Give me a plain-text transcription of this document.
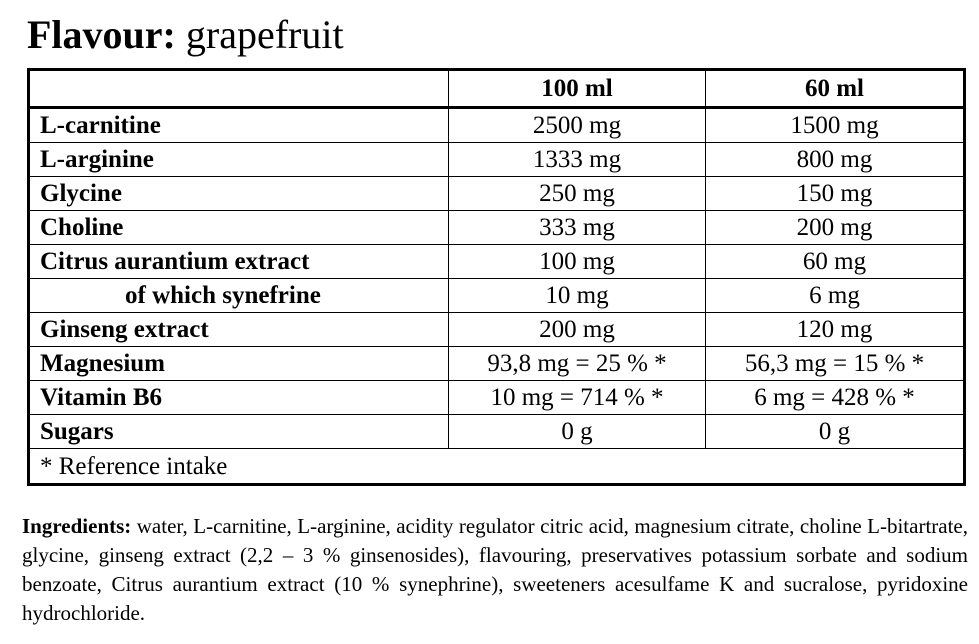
Flavour: grapefruit
	100 ml	60 ml
L-carnitine	2500 mg	1500 mg
L-arginine	1333 mg	800 mg
Glycine	250 mg	150 mg
Choline	333 mg	200 mg
Citrus aurantium extract	100 mg	60 mg
of which synefrine	10 mg	6 mg
Ginseng extract	200 mg	120 mg
Magnesium	93,8 mg = 25 % *	56,3 mg = 15 % *
Vitamin B6	10 mg = 714 % *	6 mg = 428 % *
Sugars	0 g	0 g
* Reference intake		
Ingredients: water, L-carnitine, L-arginine, acidity regulator citric acid, magnesium citrate, choline L-bitartrate, glycine, ginseng extract (2,2 – 3 % ginsenosides), flavouring, preservatives potassium sorbate and sodium benzoate, Citrus aurantium extract (10 % synephrine), sweeteners acesulfame K and sucralose, pyridoxine hydrochloride.
